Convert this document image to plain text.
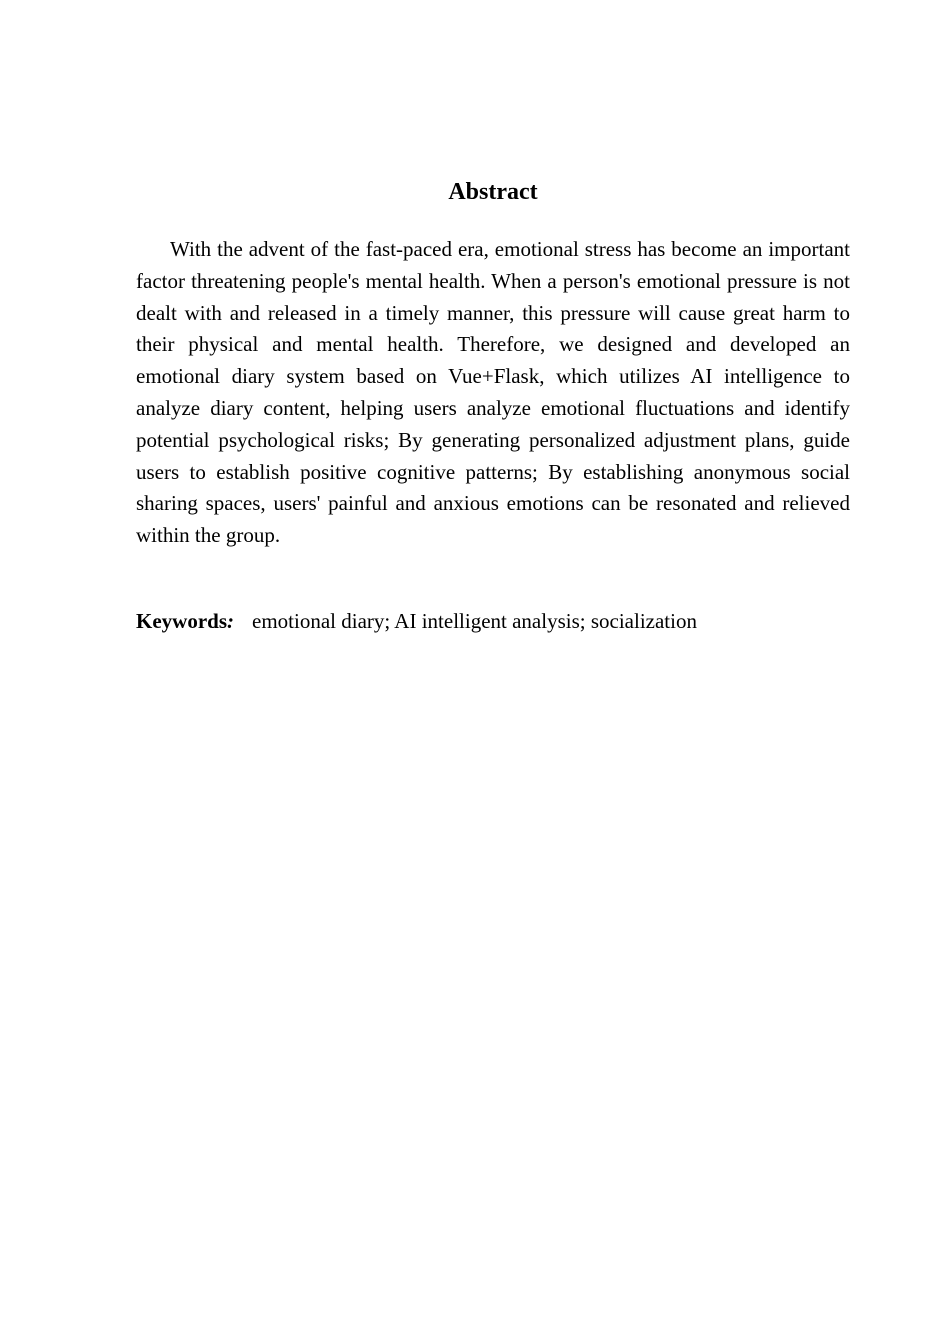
Abstract

With the advent of the fast-paced era, emotional stress has become an important factor threatening people's mental health. When a person's emotional pressure is not dealt with and released in a timely manner, this pressure will cause great harm to their physical and mental health. Therefore, we designed and developed an emotional diary system based on Vue+Flask, which utilizes AI intelligence to analyze diary content, helping users analyze emotional fluctuations and identify potential psychological risks; By generating personalized adjustment plans, guide users to establish positive cognitive patterns; By establishing anonymous social sharing spaces, users' painful and anxious emotions can be resonated and relieved within the group.

Keywords: emotional diary; AI intelligent analysis; socialization
